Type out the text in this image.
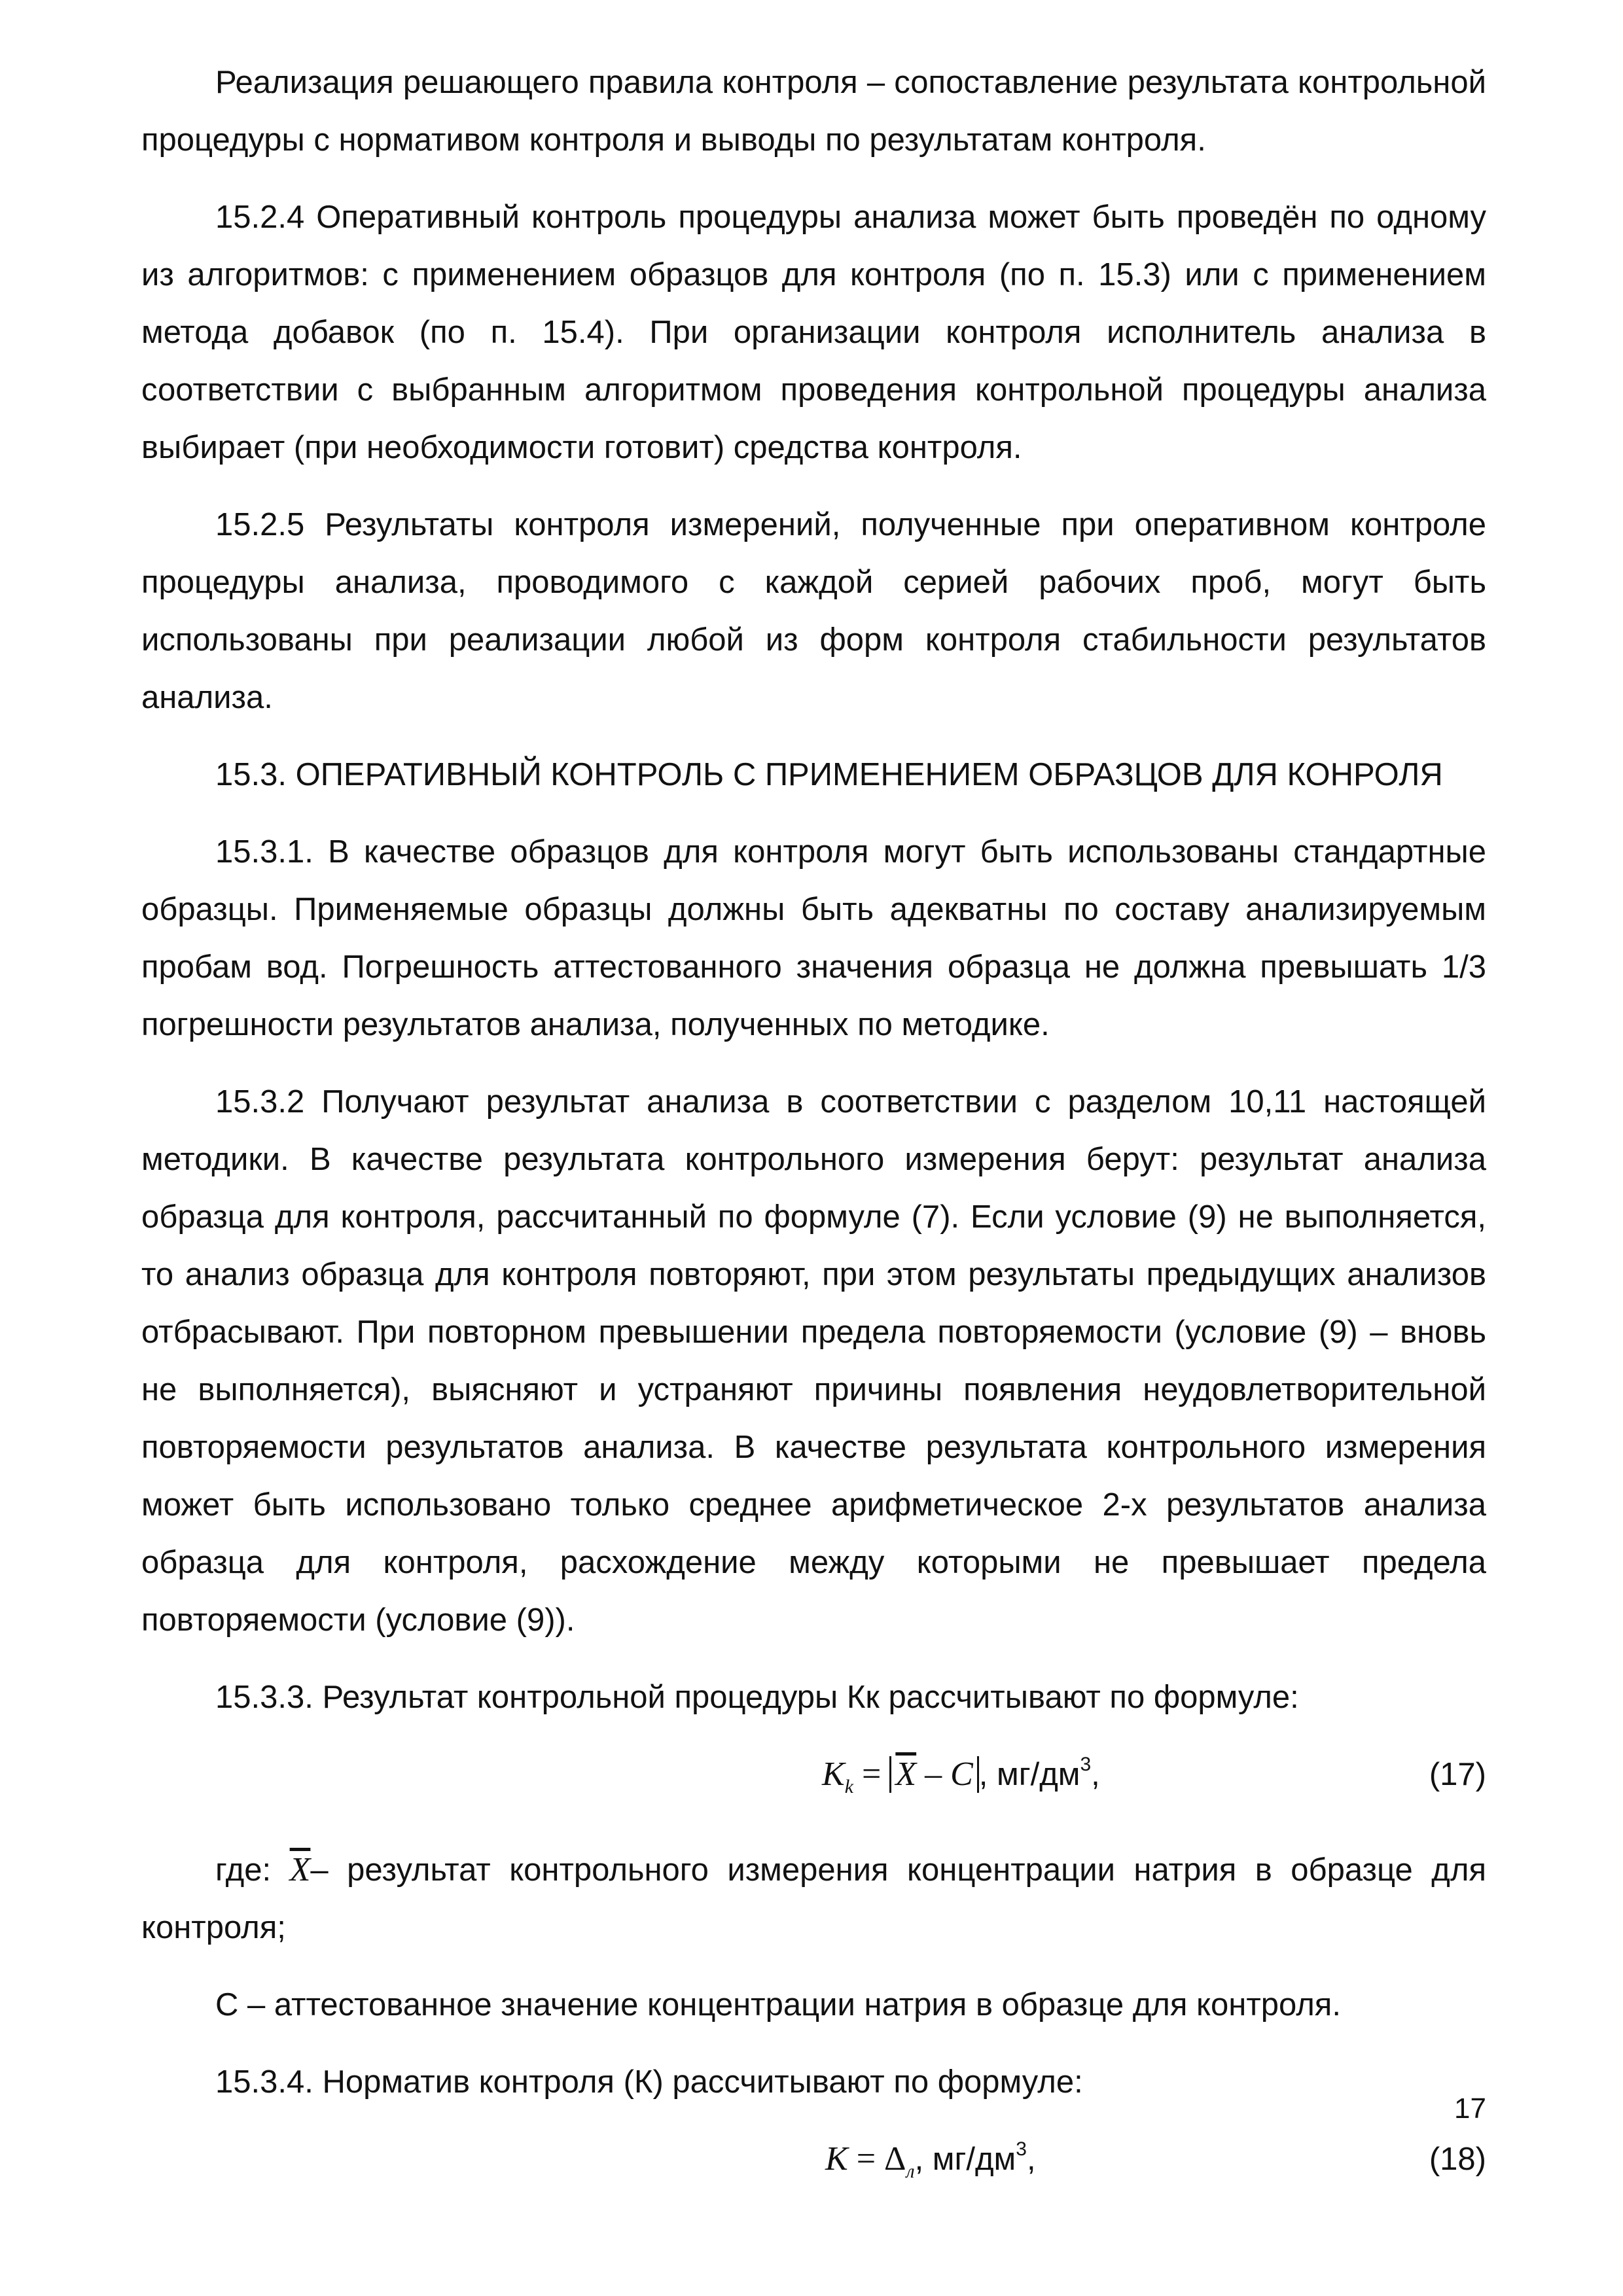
Реализация решающего правила контроля – сопоставление результата контрольной процедуры с нормативом контроля и выводы по результатам контроля.

15.2.4 Оперативный контроль процедуры анализа может быть проведён по одному из алгоритмов: с применением образцов для контроля (по п. 15.3) или с применением метода добавок (по п. 15.4). При организации контроля исполнитель анализа в соответствии с выбранным алгоритмом проведения контрольной процедуры анализа выбирает (при необходимости готовит) средства контроля.

15.2.5 Результаты контроля измерений, полученные при оперативном контроле процедуры анализа, проводимого с каждой серией рабочих проб, могут быть использованы при реализации любой из форм контроля стабильности результатов анализа.

15.3. ОПЕРАТИВНЫЙ КОНТРОЛЬ С ПРИМЕНЕНИЕМ ОБРАЗЦОВ ДЛЯ КОНРОЛЯ

15.3.1. В качестве образцов для контроля могут быть использованы стандартные образцы. Применяемые образцы должны быть адекватны по составу анализируемым пробам вод. Погрешность аттестованного значения образца не должна превышать 1/3 погрешности результатов анализа, полученных по методике.

15.3.2 Получают результат анализа в соответствии с разделом 10,11 настоящей методики. В качестве результата контрольного измерения берут: результат анализа образца для контроля, рассчитанный по формуле (7). Если условие (9) не выполняется, то анализ образца для контроля повторяют, при этом результаты предыдущих анализов отбрасывают. При повторном превышении предела повторяемости (условие (9) – вновь не выполняется), выясняют и устраняют причины появления неудовлетворительной повторяемости результатов анализа. В качестве результата контрольного измерения может быть использовано только среднее арифметическое 2-х результатов анализа образца для контроля, расхождение между которыми не превышает предела повторяемости (условие (9)).

15.3.3. Результат контрольной процедуры Кк рассчитывают по формуле:

$K_k = \overline{X} - C$ , $мг/дм^3$,	(17)

где: $\overline{X}-$ результат контрольного измерения концентрации натрия в образце для контроля;

С – аттестованное значение концентрации натрия в образце для контроля.

15.3.4. Норматив контроля (К) рассчитывают по формуле:

$K = \Delta_л$, $мг/дм^3$,	(18)
17
